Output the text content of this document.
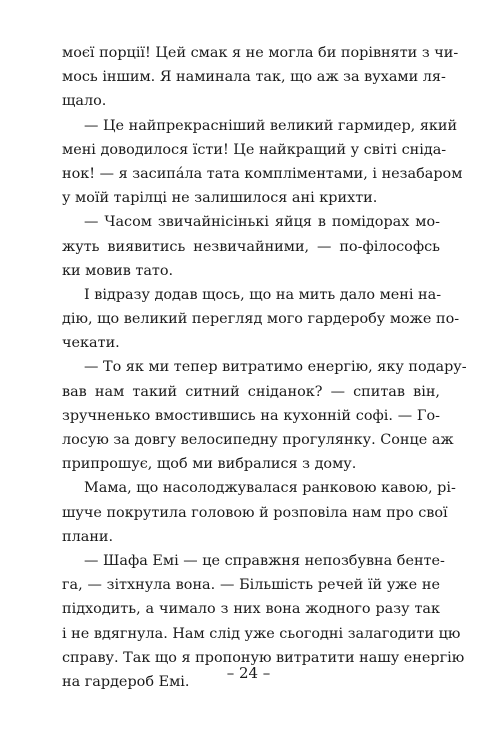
моєї порції! Цей смак я не могла би порівняти з чи-
мось іншим. Я наминала так, що аж за вухами ля-
щало.
— Це найпрекрасніший великий гармидер, який
мені доводилося їсти! Це найкращий у світі сніда-
нок! — я засипáла тата компліментами, і незабаром
у моїй тарілці не залишилося ані крихти.
— Часом звичайнісінькі яйця в помідорах мо-
жуть виявитись незвичайними, — по-філософсь
ки мовив тато.
І відразу додав щось, що на мить дало мені на-
дію, що великий перегляд мого гардеробу може по-
чекати.
— То як ми тепер витратимо енергію, яку подару-
вав нам такий ситний сніданок? — спитав він,
зручненько вмостившись на кухонній софі. — Го-
лосую за довгу велосипедну прогулянку. Сонце аж
припрошує, щоб ми вибралися з дому.
Мама, що насолоджувалася ранковою кавою, рі-
шуче покрутила головою й розповіла нам про свої
плани.
— Шафа Емі — це справжня непозбувна бенте-
га, — зітхнула вона. — Більшість речей їй уже не
підходить, а чимало з них вона жодного разу так
і не вдягнула. Нам слід уже сьогодні залагодити цю
справу. Так що я пропоную витратити нашу енергію
на гардероб Емі.	– 24 –
